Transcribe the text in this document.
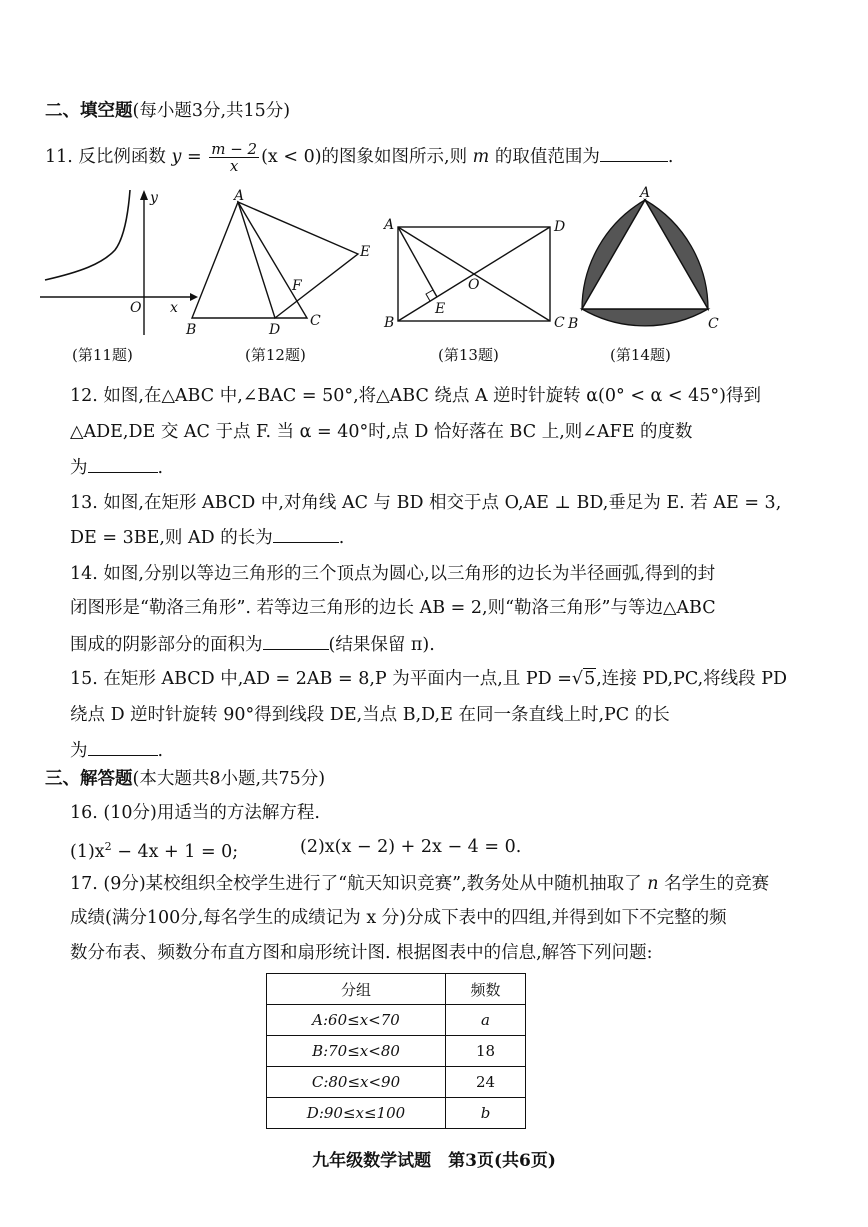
二、填空题(每小题3分,共15分)
11. 反比例函数 $y = \frac{m - 2}{x} (x < 0)$的图象如图所示,则 m 的取值范围为	.
y
x
O
(第11题)
A
B
C
D
E
F
(第12题)
A
B	C
D
E
O
(第13题)
A
B	C
(第14题)
12. 如图,在△ABC 中,∠BAC = 50°,将△ABC 绕点 A 逆时针旋转 α(0° < α < 45°)得到
△ADE,DE 交 AC 于点 F. 当 α = 40°时,点 D 恰好落在 BC 上,则∠AFE 的度数
为	.
13. 如图,在矩形 ABCD 中,对角线 AC 与 BD 相交于点 O,AE ⊥ BD,垂足为 E. 若 AE = 3,
DE = 3BE,则 AD 的长为	.
14. 如图,分别以等边三角形的三个顶点为圆心,以三角形的边长为半径画弧,得到的封
闭图形是“勒洛三角形”. 若等边三角形的边长 AB = 2,则“勒洛三角形”与等边△ABC
围成的阴影部分的面积为	(结果保留 π).
15. 在矩形 ABCD 中,AD = 2AB = 8,P 为平面内一点,且 PD =√5,连接 PD,PC,将线段 PD
绕点 D 逆时针旋转 90°得到线段 DE,当点 B,D,E 在同一条直线上时,PC 的长
为	.
三、解答题(本大题共8小题,共75分)
16. (10分)用适当的方法解方程.
$(1)x^2 - 4x + 1 = 0$;	(2)x(x − 2) + 2x − 4 = 0.
17. (9分)某校组织全校学生进行了“航天知识竞赛”,教务处从中随机抽取了 n 名学生的竞赛
成绩(满分100分,每名学生的成绩记为 x 分)分成下表中的四组,并得到如下不完整的频
数分布表、频数分布直方图和扇形统计图. 根据图表中的信息,解答下列问题:
分组	频数
A:60≤x<70	a
B:70≤x<80	18
C:80≤x<90	24
D:90≤x≤100	b
九年级数学试题　第3页(共6页)
